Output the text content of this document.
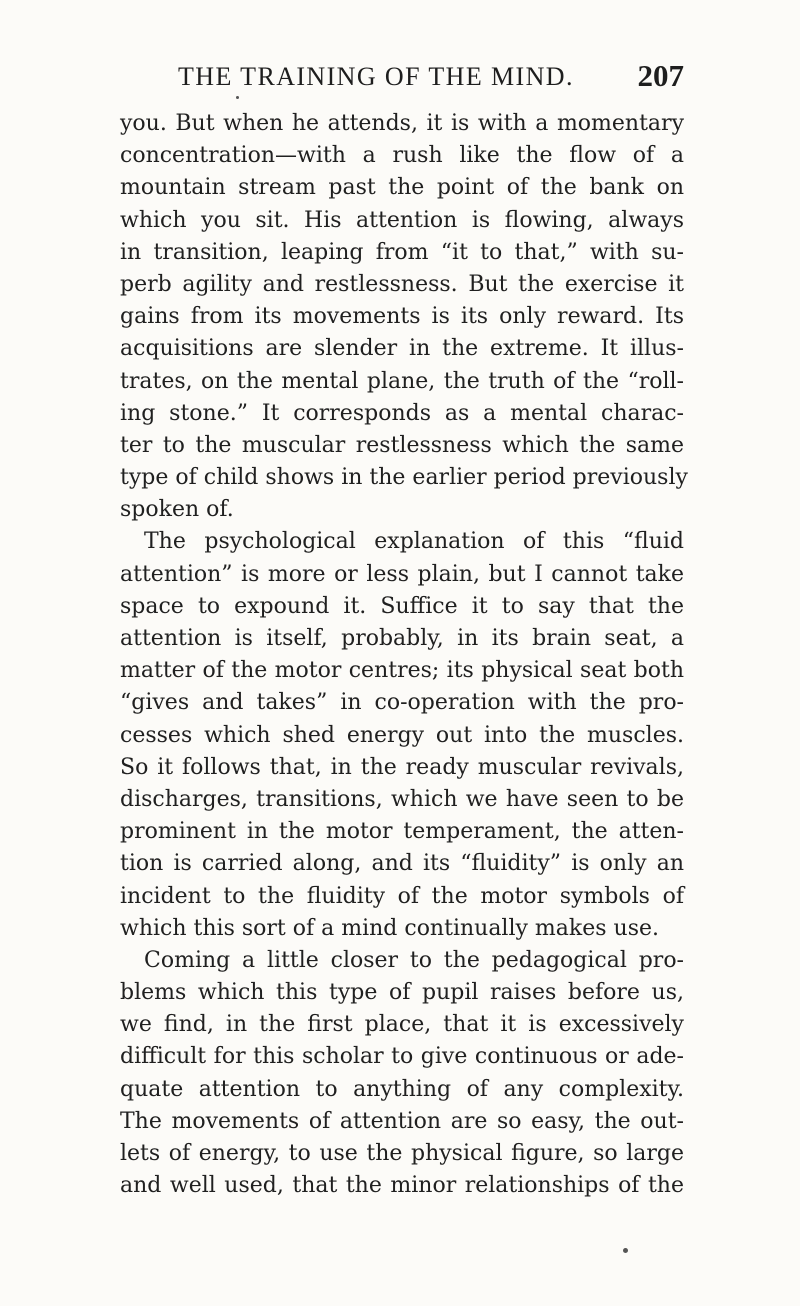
THE TRAINING OF THE MIND. 207
you. But when he attends, it is with a momentary
concentration—with a rush like the flow of a
mountain stream past the point of the bank on
which you sit. His attention is flowing, always
in transition, leaping from “it to that,” with su-
perb agility and restlessness. But the exercise it
gains from its movements is its only reward. Its
acquisitions are slender in the extreme. It illus-
trates, on the mental plane, the truth of the “roll-
ing stone.” It corresponds as a mental charac-
ter to the muscular restlessness which the same
type of child shows in the earlier period previously
spoken of.
The psychological explanation of this “fluid
attention” is more or less plain, but I cannot take
space to expound it. Suffice it to say that the
attention is itself, probably, in its brain seat, a
matter of the motor centres; its physical seat both
“gives and takes” in co-operation with the pro-
cesses which shed energy out into the muscles.
So it follows that, in the ready muscular revivals,
discharges, transitions, which we have seen to be
prominent in the motor temperament, the atten-
tion is carried along, and its “fluidity” is only an
incident to the fluidity of the motor symbols of
which this sort of a mind continually makes use.
Coming a little closer to the pedagogical pro-
blems which this type of pupil raises before us,
we find, in the first place, that it is excessively
difficult for this scholar to give continuous or ade-
quate attention to anything of any complexity.
The movements of attention are so easy, the out-
lets of energy, to use the physical figure, so large
and well used, that the minor relationships of the
